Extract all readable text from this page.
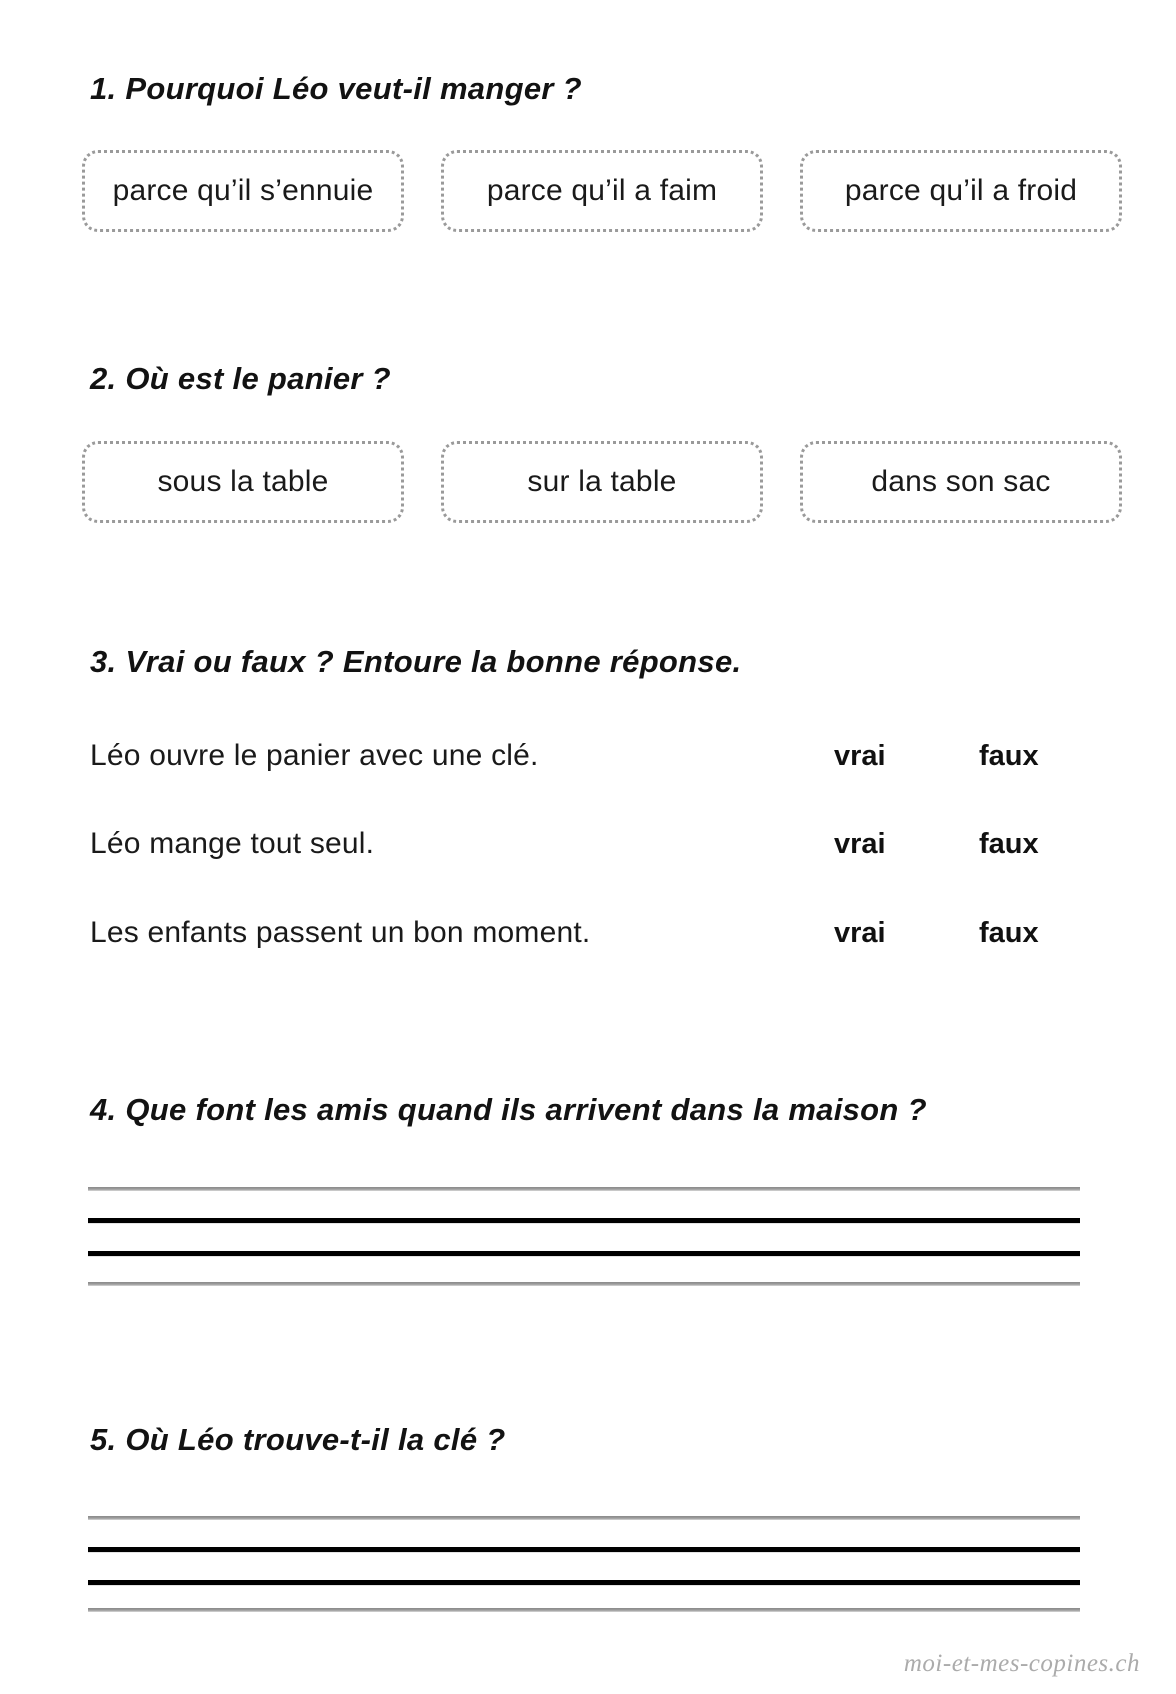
1. Pourquoi Léo veut-il manger ?
parce qu’il s’ennuie	parce qu’il a faim	parce qu’il a froid
2. Où est le panier ?
sous la table	sur la table	dans son sac
3. Vrai ou faux ? Entoure la bonne réponse.
Léo ouvre le panier avec une clé.	vrai	faux
Léo mange tout seul.	vrai	faux
Les enfants passent un bon moment.	vrai	faux
4. Que font les amis quand ils arrivent dans la maison ?
5. Où Léo trouve-t-il la clé ?
moi-et-mes-copines.ch
